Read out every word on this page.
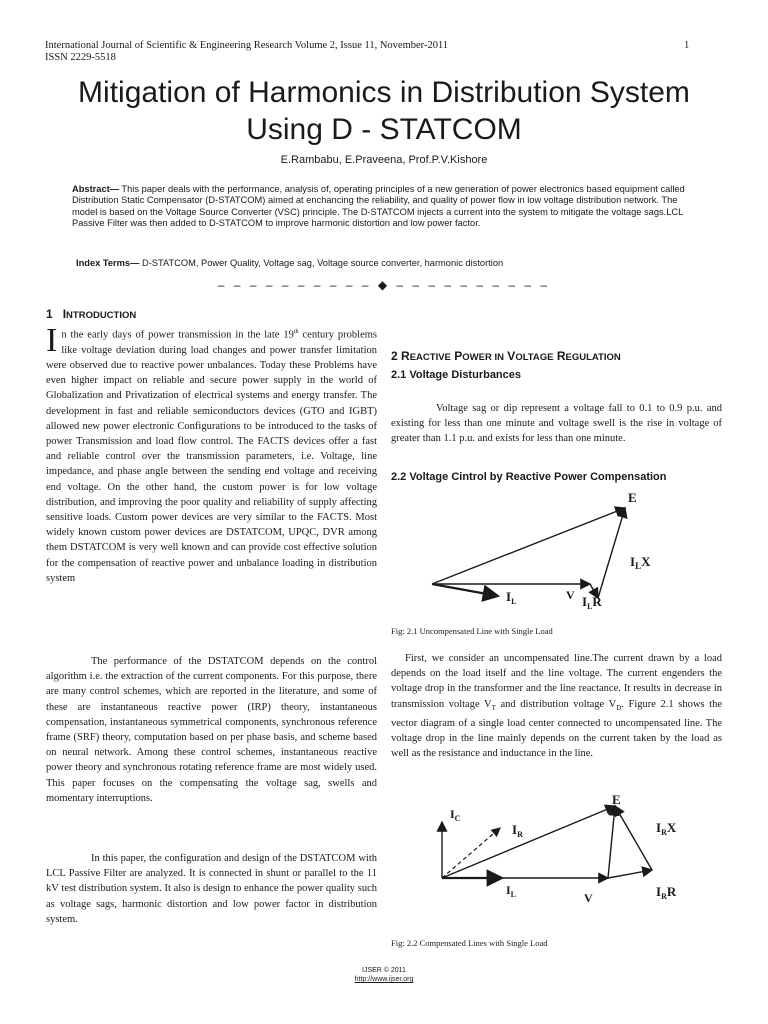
International Journal of Scientific & Engineering Research Volume 2, Issue 11, November-2011
ISSN 2229-5518
1
Mitigation of Harmonics in Distribution System
Using D - STATCOM
E.Rambabu, E.Praveena, Prof.P.V.Kishore
Abstract— This paper deals with the performance, analysis of, operating principles of a new generation of power electronics based equipment called Distribution Static Compensator (D-STATCOM) aimed at enchancing the reliability, and quality of power flow in low voltage distribution network. The model is based on the Voltage Source Converter (VSC) principle. The D-STATCOM injects a current into the system to mitigate the voltage sags.LCL Passive Filter was then added to D-STATCOM to improve harmonic distortion and low power factor.
Index Terms— D-STATCOM, Power Quality, Voltage sag, Voltage source converter, harmonic distortion
– – – – – – – – – – ◆ – – – – – – – – – –
1 INTRODUCTION
In the early days of power transmission in the late 19th century problems like voltage deviation during load changes and power transfer limitation were observed due to reactive power unbalances. Today these Problems have even higher impact on reliable and secure power supply in the world of Globalization and Privatization of electrical systems and energy transfer. The development in fast and reliable semiconductors devices (GTO and IGBT) allowed new power electronic Configurations to be introduced to the tasks of power Transmission and load flow control. The FACTS devices offer a fast and reliable control over the transmission parameters, i.e. Voltage, line impedance, and phase angle between the sending end voltage and receiving end voltage. On the other hand, the custom power is for low voltage distribution, and improving the poor quality and reliability of supply affecting sensitive loads. Custom power devices are very similar to the FACTS. Most widely known custom power devices are DSTATCOM, UPQC, DVR among them DSTATCOM is very well known and can provide cost effective solution for the compensation of reactive power and unbalance loading in distribution system
The performance of the DSTATCOM depends on the control algorithm i.e. the extraction of the current components. For this purpose, there are many control schemes, which are reported in the literature, and some of these are instantaneous reactive power (IRP) theory, instantaneous compensation, instantaneous symmetrical components, synchronous reference frame (SRF) theory, computation based on per phase basis, and scheme based on neural network. Among these control schemes, instantaneous reactive power theory and synchronous rotating reference frame are most widely used. This paper focuses on the compensating the voltage sag, swells and momentary interruptions.
In this paper, the configuration and design of the DSTATCOM with LCL Passive Filter are analyzed. It is connected in shunt or parallel to the 11 kV test distribution system. It also is design to enhance the power quality such as voltage sags, harmonic distortion and low power factor in distribution system.
2 REACTIVE POWER IN VOLTAGE REGULATION
2.1 Voltage Disturbances
Voltage sag or dip represent a voltage fall to 0.1 to 0.9 p.u. and existing for less than one minute and voltage swell is the rise in voltage of greater than 1.1 p.u. and exists for less than one minute.
2.2 Voltage Cintrol by Reactive Power Compensation
E
$I_LX$
$I_L$	V $I_LR$
Fig: 2.1 Uncompensated Line with Single Load
First, we consider an uncompensated line.The current drawn by a load depends on the load itself and the line voltage. The current engenders the voltage drop in the transformer and the line reactance. It results in decrease in transmission voltage $V_T$ and distribution voltage $V_D$. Figure 2.1 shows the vector diagram of a single load center connected to uncompensated line. The voltage drop in the line mainly depends on the current taken by the load as well as the resistance and inductance in the line.
$I_C$
$I_R$
E
$I_RX$
$I_L$	V	$I_RR$
Fig: 2.2 Compensated Lines with Single Load
IJSER © 2011
http://www.ijser.org
